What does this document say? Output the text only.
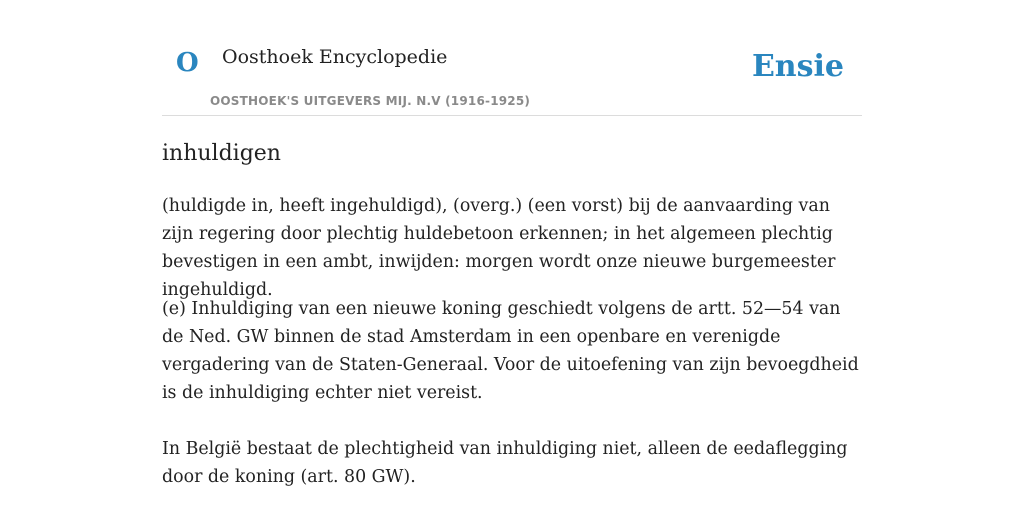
O Oosthoek Encyclopedie
OOSTHOEK'S UITGEVERS MIJ. N.V (1916-1925)
Ensie
inhuldigen

(huldigde in, heeft ingehuldigd), (overg.) (een vorst) bij de aanvaarding van zijn regering door plechtig huldebetoon erkennen; in het algemeen plechtig bevestigen in een ambt, inwijden: morgen wordt onze nieuwe burgemeester ingehuldigd.

(e) Inhuldiging van een nieuwe koning geschiedt volgens de artt. 52—54 van de Ned. GW binnen de stad Amsterdam in een openbare en verenigde vergadering van de Staten-Generaal. Voor de uitoefening van zijn bevoegdheid is de inhuldiging echter niet vereist.

In België bestaat de plechtigheid van inhuldiging niet, alleen de eedaflegging door de koning (art. 80 GW).
